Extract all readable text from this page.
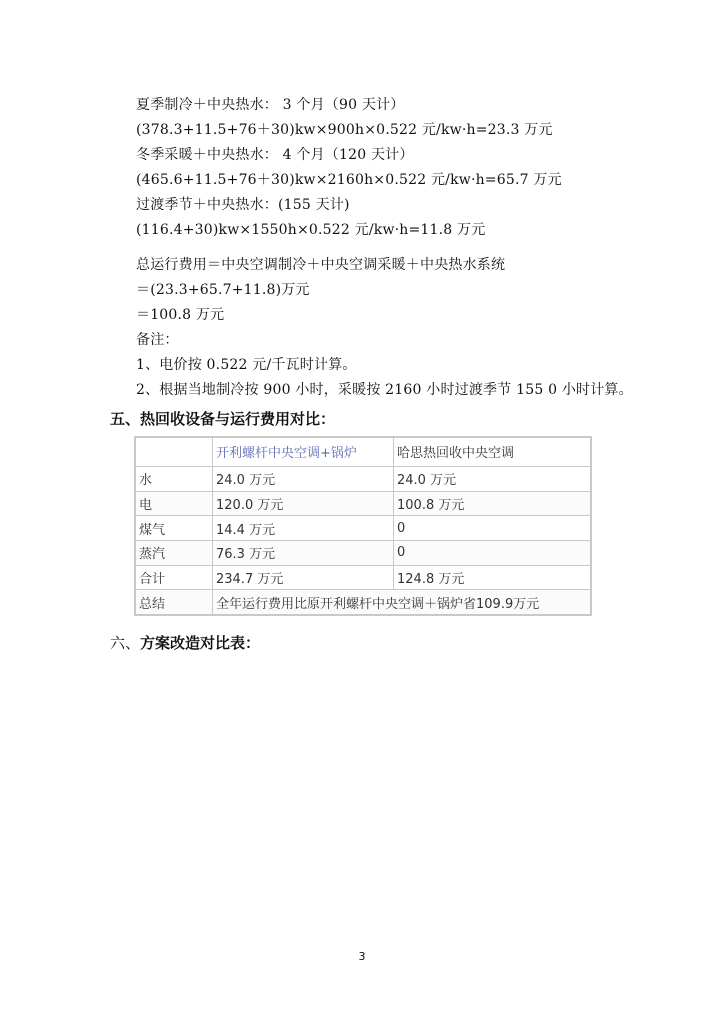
夏季制冷＋中央热水： 3 个月（90 天计）
(378.3+11.5+76＋30)kw×900h×0.522 元/kw·h=23.3 万元
冬季采暖＋中央热水： 4 个月（120 天计）
(465.6+11.5+76＋30)kw×2160h×0.522 元/kw·h=65.7 万元
过渡季节＋中央热水：(155 天计)
(116.4+30)kw×1550h×0.522 元/kw·h=11.8 万元
总运行费用＝中央空调制冷＋中央空调采暖＋中央热水系统
＝(23.3+65.7+11.8)万元
＝100.8 万元
备注：
1、电价按 0.522 元/千瓦时计算。
2、根据当地制冷按 900 小时，采暖按 2160 小时过渡季节 155 0 小时计算。
五、热回收设备与运行费用对比：
	开利螺杆中央空调+锅炉	哈思热回收中央空调
水	24.0 万元	24.0 万元
电	120.0 万元	100.8 万元
煤气	14.4 万元	0
蒸汽	76.3 万元	0
合计	234.7 万元	124.8 万元
总结	全年运行费用比原开利螺杆中央空调＋锅炉省109.9万元	
六、方案改造对比表：
3
